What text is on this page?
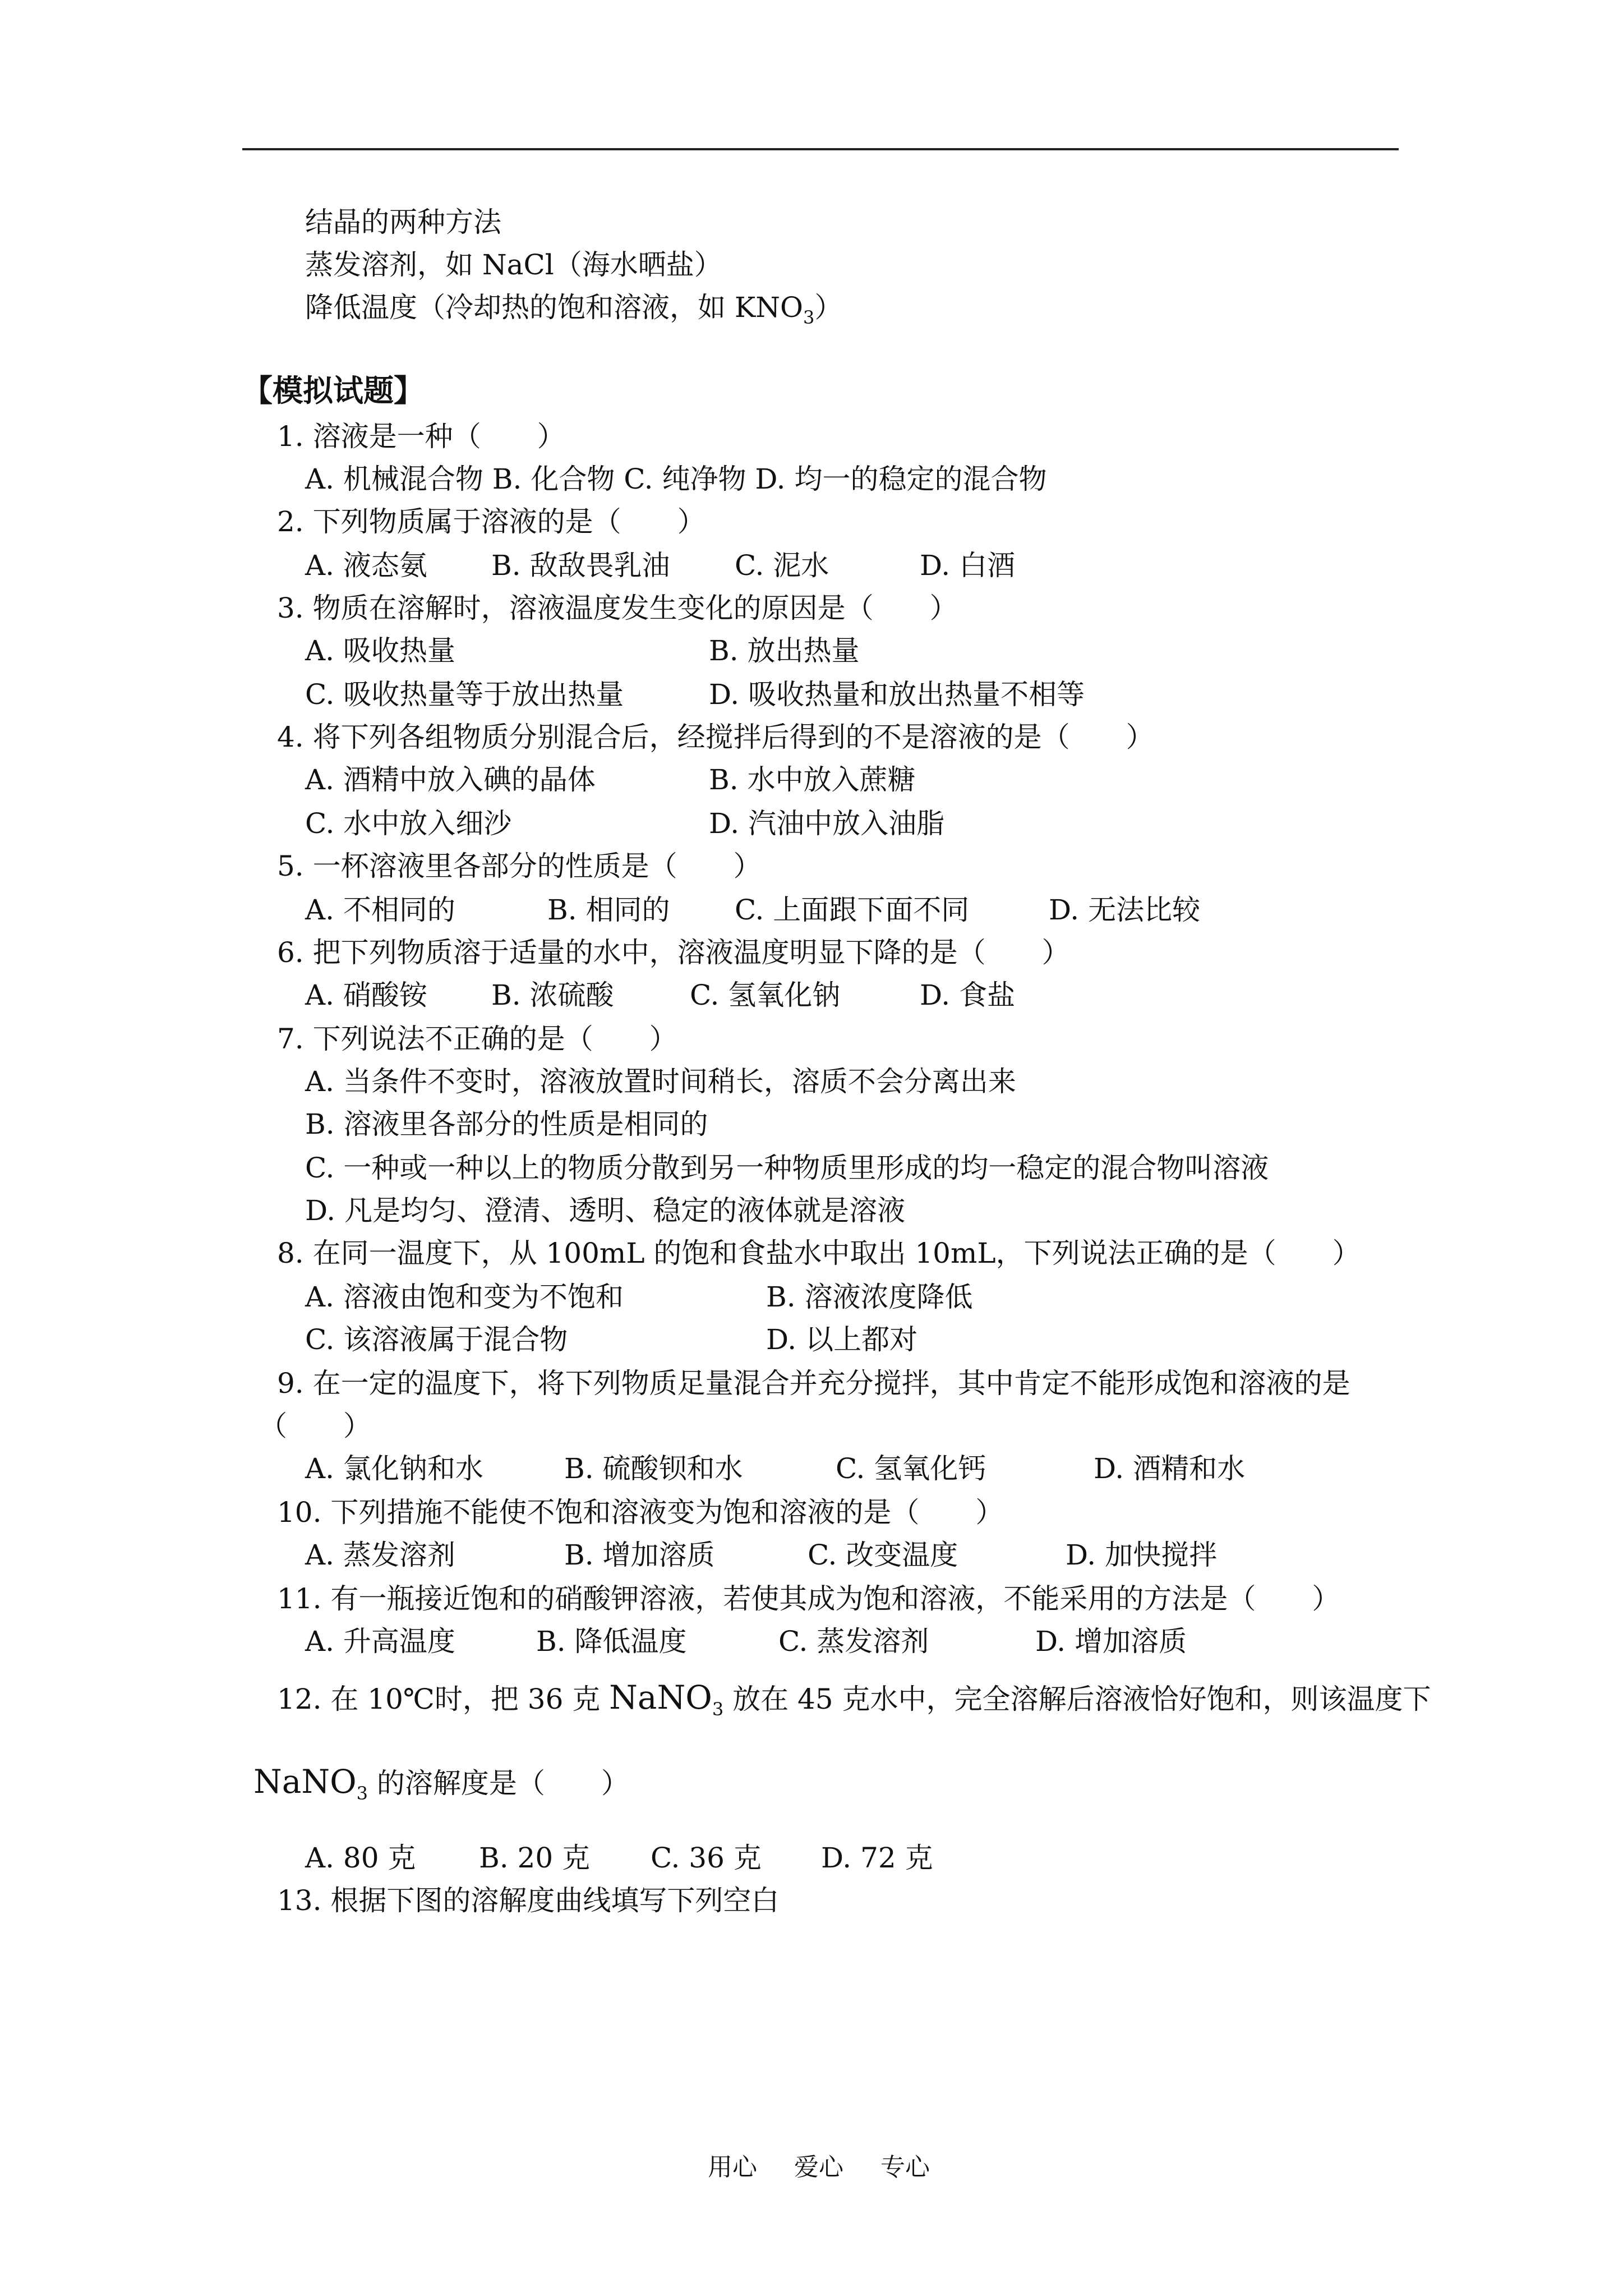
结晶的两种方法
蒸发溶剂，如 NaCl（海水晒盐）
降低温度（冷却热的饱和溶液，如 $KNO_3$）
【模拟试题】
1. 溶液是一种（　　）
A. 机械混合物 B. 化合物 C. 纯净物 D. 均一的稳定的混合物
2. 下列物质属于溶液的是（　　）
A. 液态氨 B. 敌敌畏乳油 C. 泥水	D. 白酒
3. 物质在溶解时，溶液温度发生变化的原因是（　　）
A. 吸收热量	B. 放出热量
C. 吸收热量等于放出热量	D. 吸收热量和放出热量不相等
4. 将下列各组物质分别混合后，经搅拌后得到的不是溶液的是（　　）
A. 酒精中放入碘的晶体	B. 水中放入蔗糖
C. 水中放入细沙	D. 汽油中放入油脂
5. 一杯溶液里各部分的性质是（　　）
A. 不相同的	B. 相同的 C. 上面跟下面不同	D. 无法比较
6. 把下列物质溶于适量的水中，溶液温度明显下降的是（　　）
A. 硝酸铵 B. 浓硫酸	C. 氢氧化钠	D. 食盐
7. 下列说法不正确的是（　　）
A. 当条件不变时，溶液放置时间稍长，溶质不会分离出来
B. 溶液里各部分的性质是相同的
C. 一种或一种以上的物质分散到另一种物质里形成的均一稳定的混合物叫溶液
D. 凡是均匀、澄清、透明、稳定的液体就是溶液
8. 在同一温度下，从 100mL 的饱和食盐水中取出 10mL，下列说法正确的是（　　）
A. 溶液由饱和变为不饱和	B. 溶液浓度降低
C. 该溶液属于混合物	D. 以上都对
9. 在一定的温度下，将下列物质足量混合并充分搅拌，其中肯定不能形成饱和溶液的是
（　　）
A. 氯化钠和水	B. 硫酸钡和水	C. 氢氧化钙	D. 酒精和水
10. 下列措施不能使不饱和溶液变为饱和溶液的是（　　）
A. 蒸发溶剂	B. 增加溶质	C. 改变温度	D. 加快搅拌
11. 有一瓶接近饱和的硝酸钾溶液，若使其成为饱和溶液，不能采用的方法是（　　）
A. 升高温度	B. 降低温度	C. 蒸发溶剂	D. 增加溶质
12. 在 10℃时，把 36 克 NaNO$_3$ 放在 45 克水中，完全溶解后溶液恰好饱和，则该温度下
NaNO$_3$ 的溶解度是（　　）
A. 80 克 B. 20 克 C. 36 克 D. 72 克
13. 根据下图的溶解度曲线填写下列空白
用心 爱心 专心
